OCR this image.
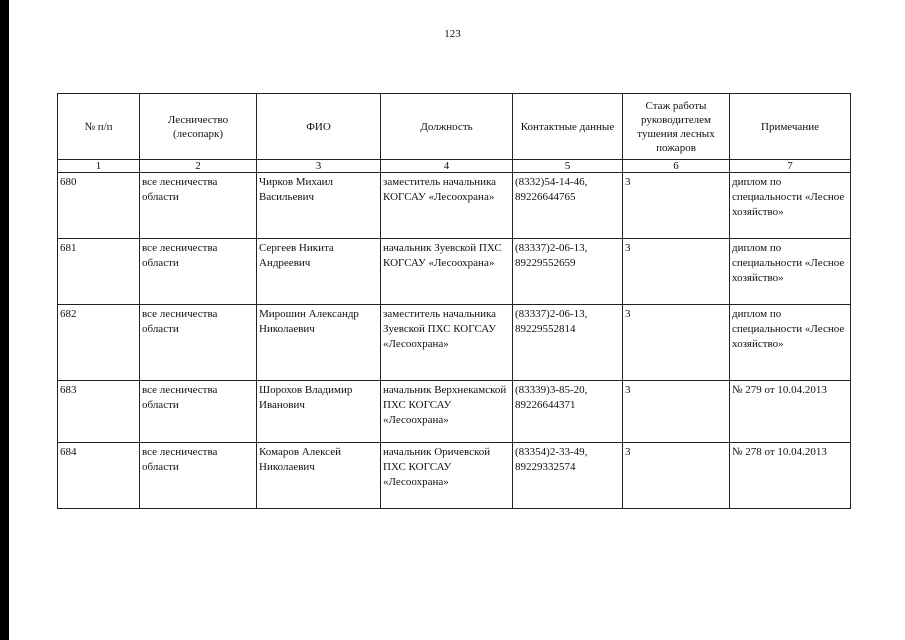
123
№ п/п	Лесничество (лесопарк)	ФИО	Должность	Контактные данные	Стаж работы руководителем тушения лесных пожаров	Примечание
1	2	3	4	5	6	7
680	все лесничества области	Чирков Михаил Васильевич	заместитель начальника КОГСАУ «Лесоохрана»	(8332)54-14-46, 89226644765	3	диплом по специальности «Лесное хозяйство»
681	все лесничества области	Сергеев Никита Андреевич	начальник Зуевской ПХС КОГСАУ «Лесоохрана»	(83337)2-06-13, 89229552659	3	диплом по специальности «Лесное хозяйство»
682	все лесничества области	Мирошин Александр Николаевич	заместитель начальника Зуевской ПХС КОГСАУ «Лесоохрана»	(83337)2-06-13, 89229552814	3	диплом по специальности «Лесное хозяйство»
683	все лесничества области	Шорохов Владимир Иванович	начальник Верхнекамской ПХС КОГСАУ «Лесоохрана»	(83339)3-85-20, 89226644371	3	№ 279 от 10.04.2013
684	все лесничества области	Комаров Алексей Николаевич	начальник Оричевской ПХС КОГСАУ «Лесоохрана»	(83354)2-33-49, 89229332574	3	№ 278 от 10.04.2013
